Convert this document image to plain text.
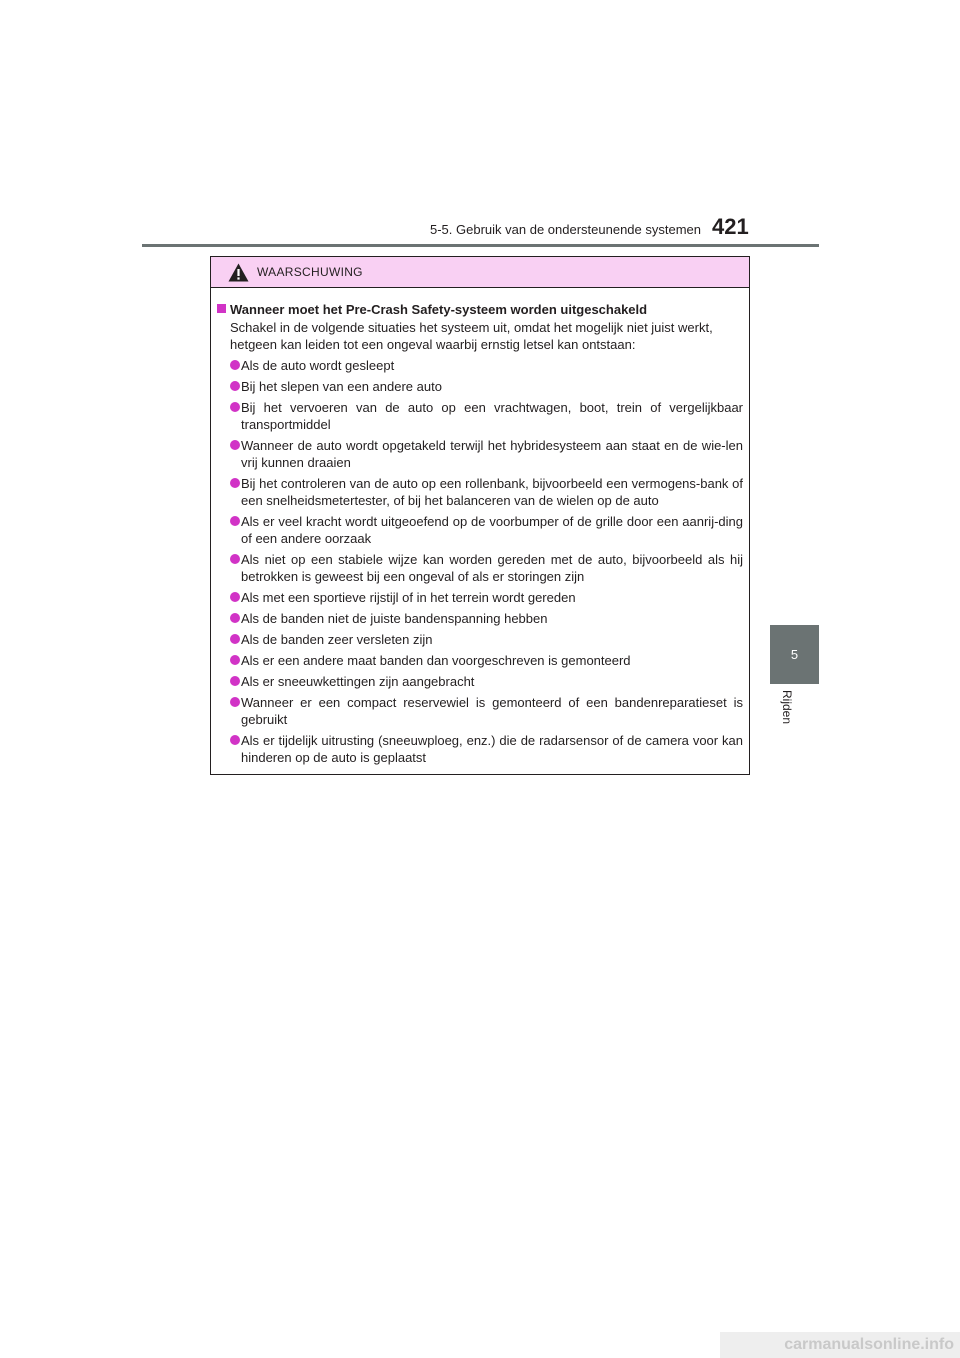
5-5. Gebruik van de ondersteunende systemen 421
5
Rijden
WAARSCHUWING
Wanneer moet het Pre-Crash Safety-systeem worden uitgeschakeld
Schakel in de volgende situaties het systeem uit, omdat het mogelijk niet juist werkt, hetgeen kan leiden tot een ongeval waarbij ernstig letsel kan ontstaan:
Als de auto wordt gesleept
Bij het slepen van een andere auto
Bij het vervoeren van de auto op een vrachtwagen, boot, trein of vergelijkbaar transportmiddel
Wanneer de auto wordt opgetakeld terwijl het hybridesysteem aan staat en de wie-len vrij kunnen draaien
Bij het controleren van de auto op een rollenbank, bijvoorbeeld een vermogens-bank of een snelheidsmetertester, of bij het balanceren van de wielen op de auto
Als er veel kracht wordt uitgeoefend op de voorbumper of de grille door een aanrij-ding of een andere oorzaak
Als niet op een stabiele wijze kan worden gereden met de auto, bijvoorbeeld als hij betrokken is geweest bij een ongeval of als er storingen zijn
Als met een sportieve rijstijl of in het terrein wordt gereden
Als de banden niet de juiste bandenspanning hebben
Als de banden zeer versleten zijn
Als er een andere maat banden dan voorgeschreven is gemonteerd
Als er sneeuwkettingen zijn aangebracht
Wanneer er een compact reservewiel is gemonteerd of een bandenreparatieset is gebruikt
Als er tijdelijk uitrusting (sneeuwploeg, enz.) die de radarsensor of de camera voor kan hinderen op de auto is geplaatst
carmanualsonline.info
